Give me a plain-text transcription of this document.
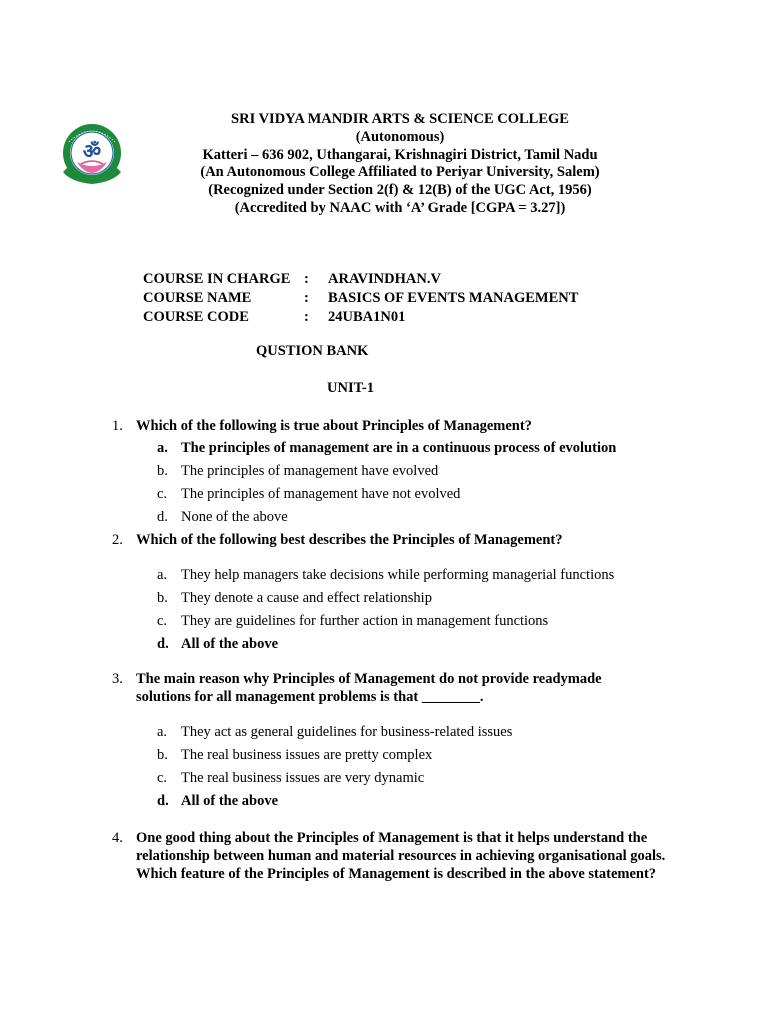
ॐ
SRI VIDYA MANDIR ARTS & SCIENCE COLLEGE
(Autonomous)
Katteri – 636 902, Uthangarai, Krishnagiri District, Tamil Nadu
(An Autonomous College Affiliated to Periyar University, Salem)
(Recognized under Section 2(f) & 12(B) of the UGC Act, 1956)
(Accredited by NAAC with ‘A’ Grade [CGPA = 3.27])
COURSE IN CHARGE : ARAVINDHAN.V
COURSE NAME	: BASICS OF EVENTS MANAGEMENT
COURSE CODE	: 24UBA1N01
QUSTION BANK
UNIT-1
1. Which of the following is true about Principles of Management?
a. The principles of management are in a continuous process of evolution
b. The principles of management have evolved
c. The principles of management have not evolved
d. None of the above
2. Which of the following best describes the Principles of Management?
a. They help managers take decisions while performing managerial functions
b. They denote a cause and effect relationship
c. They are guidelines for further action in management functions
d. All of the above
3. The main reason why Principles of Management do not provide readymade solutions for all management problems is that ________.
a. They act as general guidelines for business-related issues
b. The real business issues are pretty complex
c. The real business issues are very dynamic
d. All of the above
4. One good thing about the Principles of Management is that it helps understand the relationship between human and material resources in achieving organisational goals. Which feature of the Principles of Management is described in the above statement?
